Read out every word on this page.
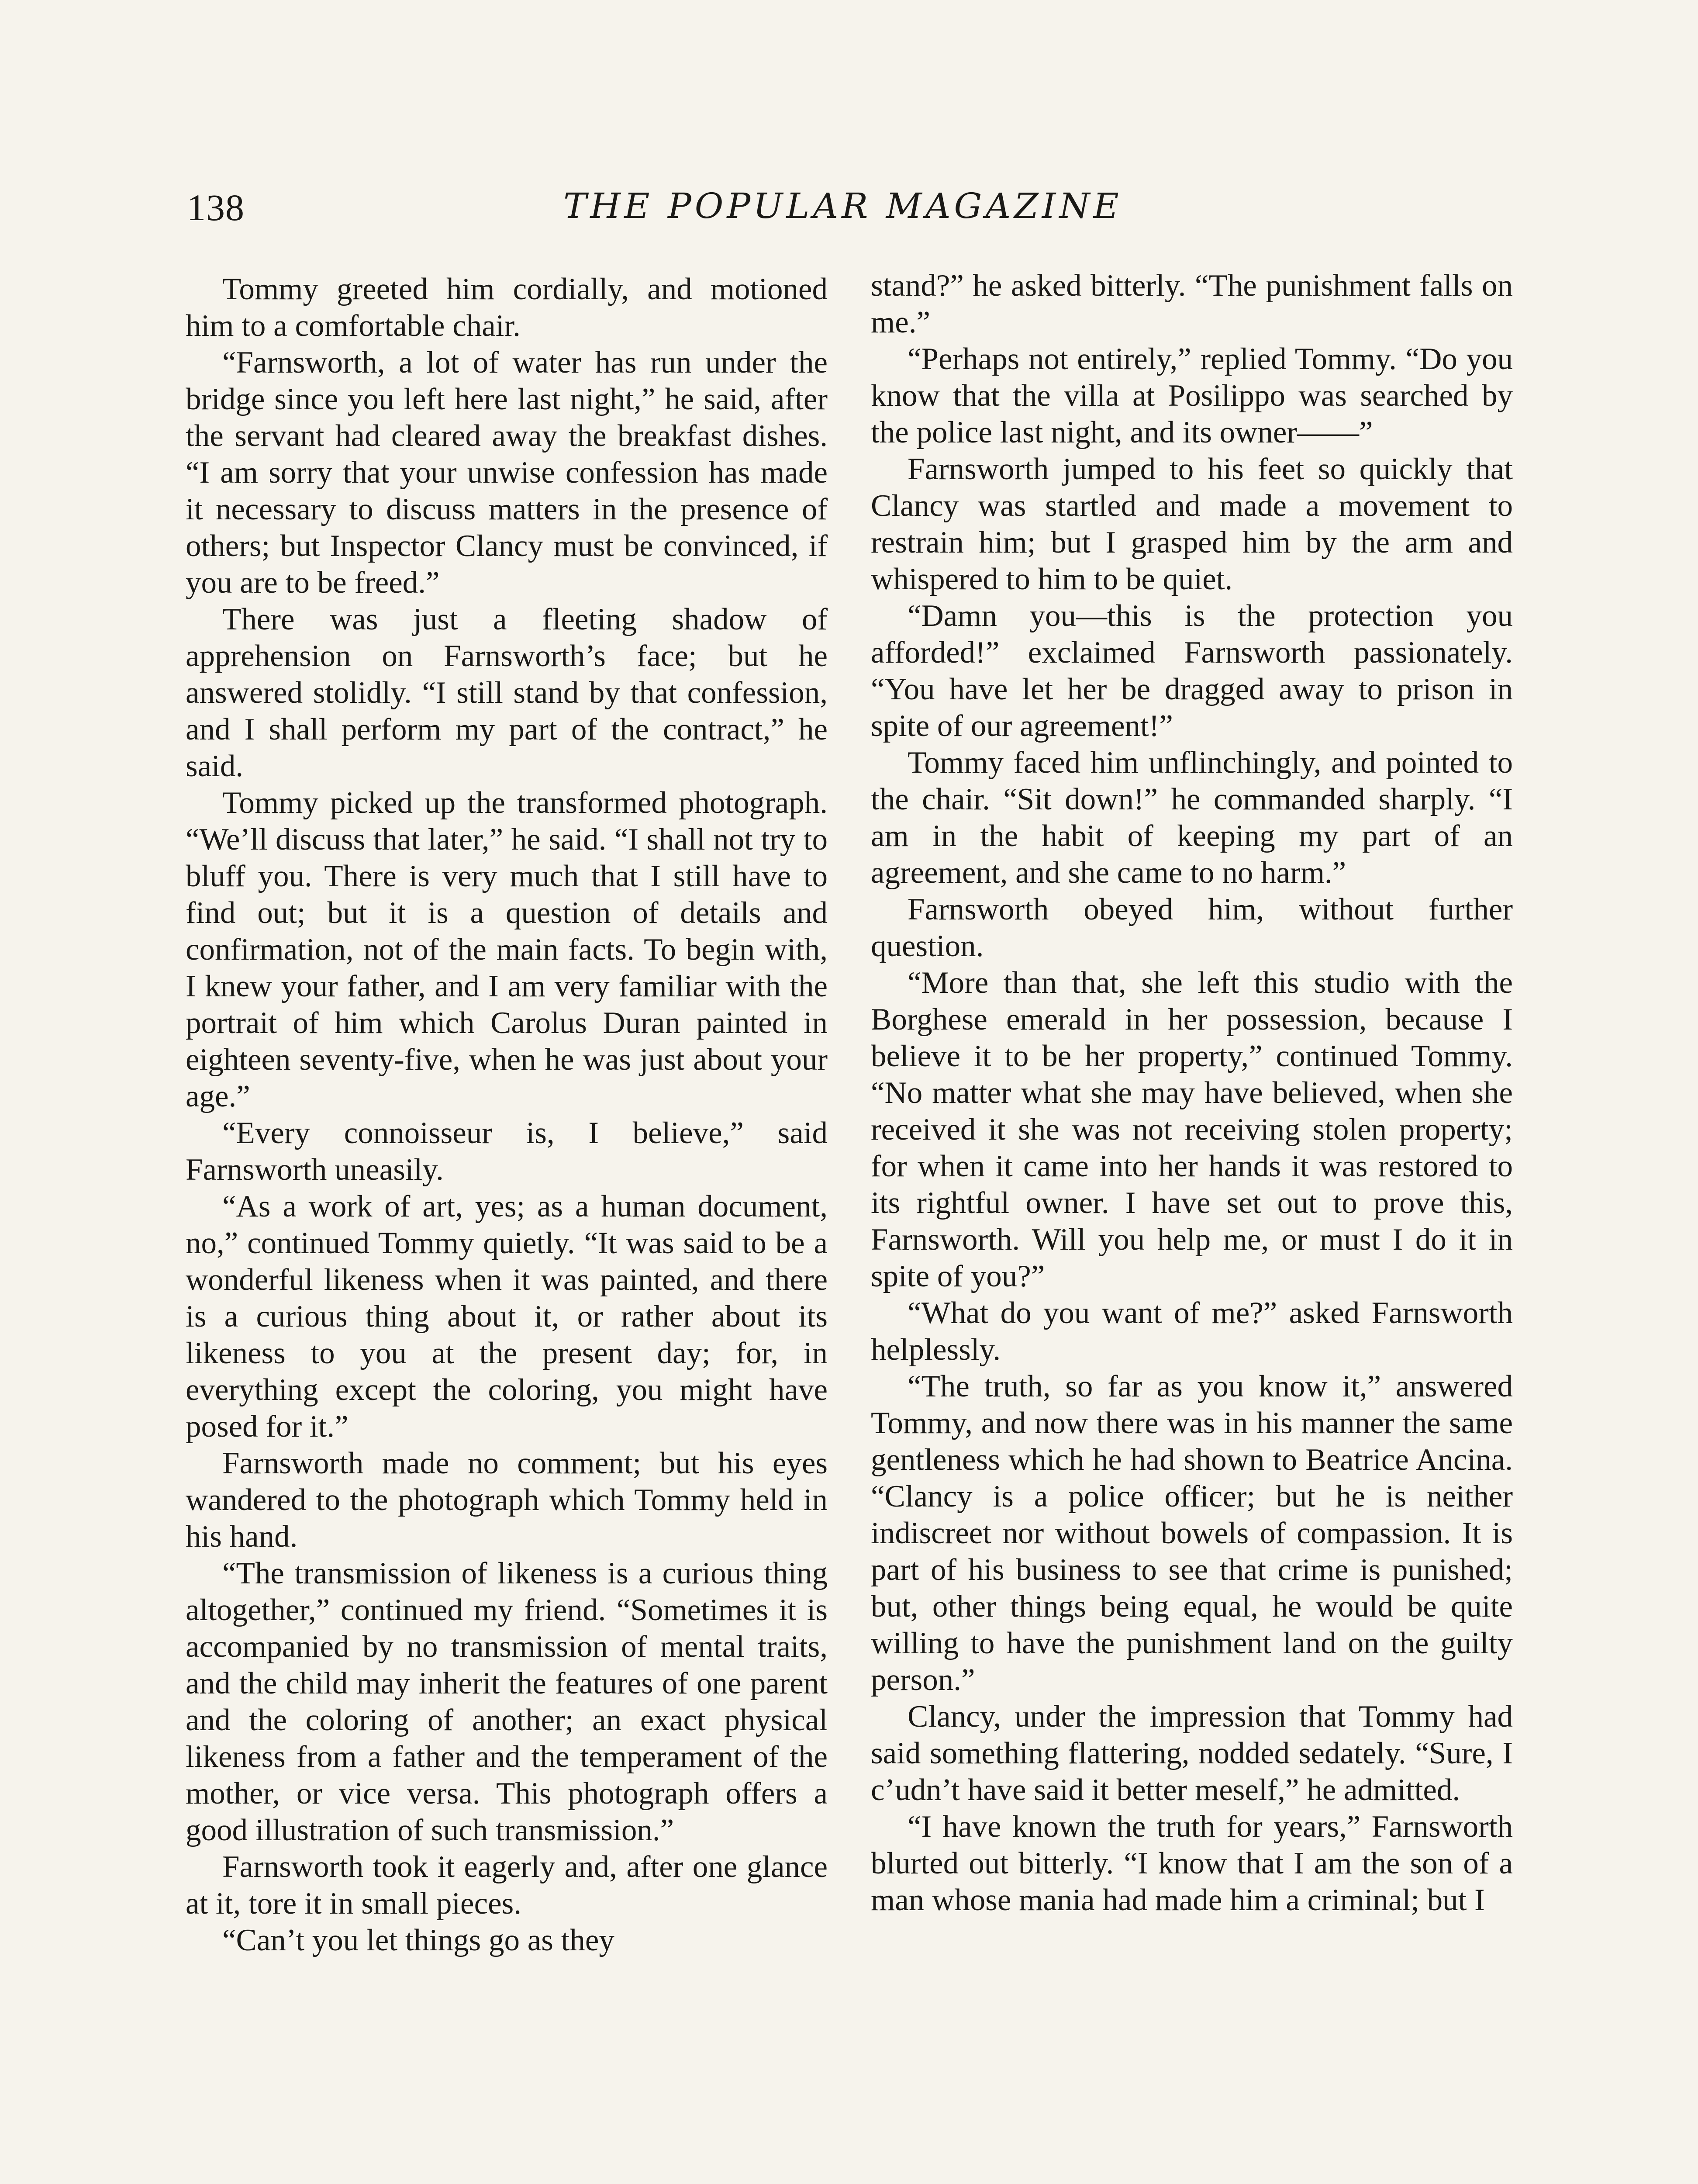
138	THE POPULAR MAGAZINE

Tommy greeted him cordially, and motioned him to a comfortable chair.

“Farnsworth, a lot of water has run under the bridge since you left here last night,” he said, after the servant had cleared away the breakfast dishes. “I am sorry that your unwise confession has made it necessary to discuss matters in the presence of others; but Inspector Clancy must be convinced, if you are to be freed.”

There was just a fleeting shadow of apprehension on Farnsworth’s face; but he answered stolidly. “I still stand by that confession, and I shall perform my part of the contract,” he said.

Tommy picked up the transformed photograph. “We’ll discuss that later,” he said. “I shall not try to bluff you. There is very much that I still have to find out; but it is a question of details and confirmation, not of the main facts. To begin with, I knew your father, and I am very familiar with the portrait of him which Carolus Duran painted in eighteen seventy-five, when he was just about your age.”

“Every connoisseur is, I believe,” said Farnsworth uneasily.

“As a work of art, yes; as a human document, no,” continued Tommy quietly. “It was said to be a wonderful likeness when it was painted, and there is a curious thing about it, or rather about its likeness to you at the present day; for, in everything except the coloring, you might have posed for it.”

Farnsworth made no comment; but his eyes wandered to the photograph which Tommy held in his hand.

“The transmission of likeness is a curious thing altogether,” continued my friend. “Sometimes it is accompanied by no transmission of mental traits, and the child may inherit the features of one parent and the coloring of another; an exact physical likeness from a father and the temperament of the mother, or vice versa. This photograph offers a good illustration of such transmission.”

Farnsworth took it eagerly and, after one glance at it, tore it in small pieces.

“Can’t you let things go as they

stand?” he asked bitterly. “The punishment falls on me.”

“Perhaps not entirely,” replied Tommy. “Do you know that the villa at Posilippo was searched by the police last night, and its owner——”

Farnsworth jumped to his feet so quickly that Clancy was startled and made a movement to restrain him; but I grasped him by the arm and whispered to him to be quiet.

“Damn you—this is the protection you afforded!” exclaimed Farnsworth passionately. “You have let her be dragged away to prison in spite of our agreement!”

Tommy faced him unflinchingly, and pointed to the chair. “Sit down!” he commanded sharply. “I am in the habit of keeping my part of an agreement, and she came to no harm.”

Farnsworth obeyed him, without further question.

“More than that, she left this studio with the Borghese emerald in her possession, because I believe it to be her property,” continued Tommy. “No matter what she may have believed, when she received it she was not receiving stolen property; for when it came into her hands it was restored to its rightful owner. I have set out to prove this, Farnsworth. Will you help me, or must I do it in spite of you?”

“What do you want of me?” asked Farnsworth helplessly.

“The truth, so far as you know it,” answered Tommy, and now there was in his manner the same gentleness which he had shown to Beatrice Ancina. “Clancy is a police officer; but he is neither indiscreet nor without bowels of compassion. It is part of his business to see that crime is punished; but, other things being equal, he would be quite willing to have the punishment land on the guilty person.”

Clancy, under the impression that Tommy had said something flattering, nodded sedately. “Sure, I c’udn’t have said it better meself,” he admitted.

“I have known the truth for years,” Farnsworth blurted out bitterly. “I know that I am the son of a man whose mania had made him a criminal; but I
